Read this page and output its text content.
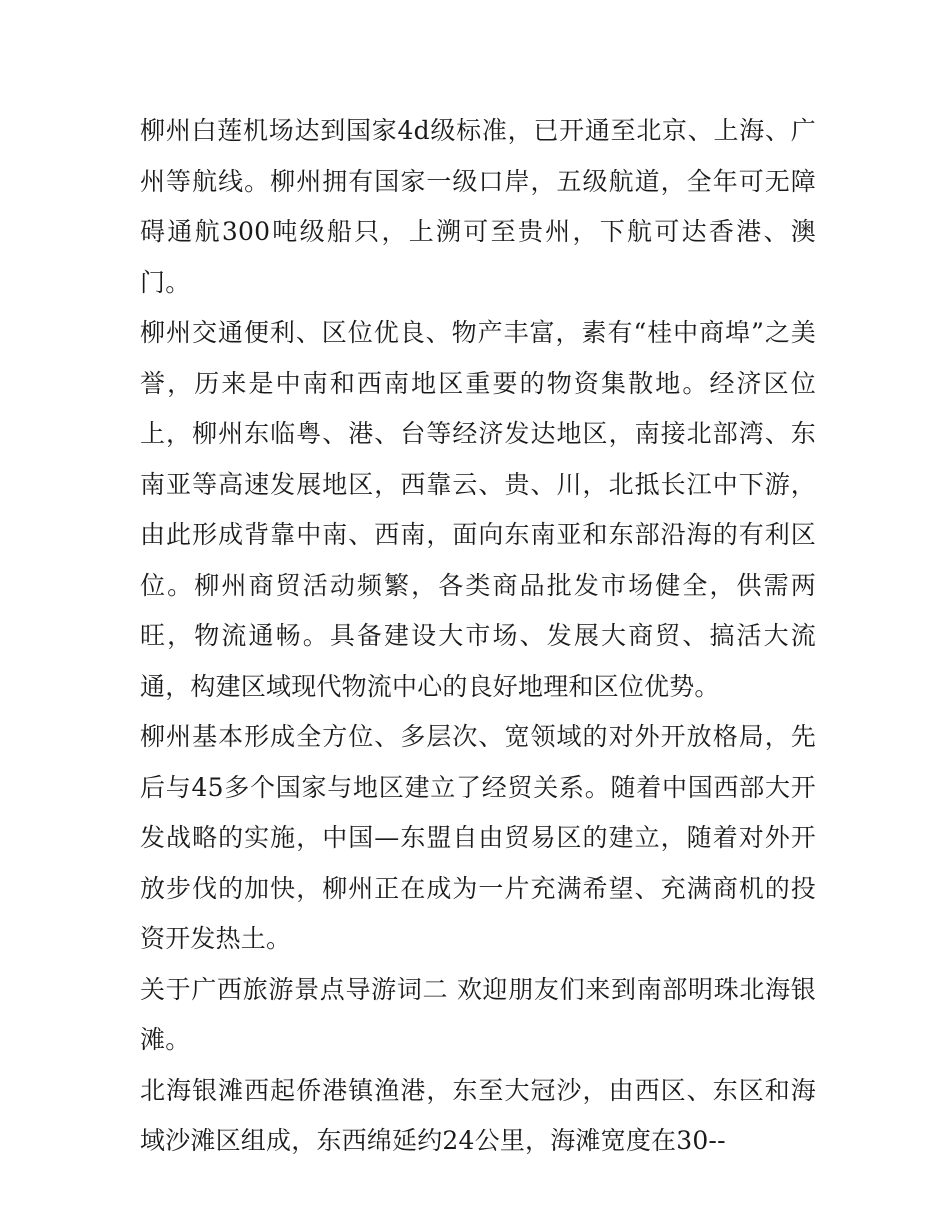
柳州白莲机场达到国家4d级标准，已开通至北京、上海、广州等航线。柳州拥有国家一级口岸，五级航道，全年可无障碍通航300吨级船只，上溯可至贵州，下航可达香港、澳门。

柳州交通便利、区位优良、物产丰富，素有“桂中商埠”之美誉，历来是中南和西南地区重要的物资集散地。经济区位上，柳州东临粤、港、台等经济发达地区，南接北部湾、东南亚等高速发展地区，西靠云、贵、川，北抵长江中下游，由此形成背靠中南、西南，面向东南亚和东部沿海的有利区位。柳州商贸活动频繁，各类商品批发市场健全，供需两旺，物流通畅。具备建设大市场、发展大商贸、搞活大流通，构建区域现代物流中心的良好地理和区位优势。

柳州基本形成全方位、多层次、宽领域的对外开放格局，先后与45多个国家与地区建立了经贸关系。随着中国西部大开发战略的实施，中国—东盟自由贸易区的建立，随着对外开放步伐的加快，柳州正在成为一片充满希望、充满商机的投资开发热土。

关于广西旅游景点导游词二 欢迎朋友们来到南部明珠北海银滩。

北海银滩西起侨港镇渔港，东至大冠沙，由西区、东区和海域沙滩区组成，东西绵延约24公里，海滩宽度在30--
